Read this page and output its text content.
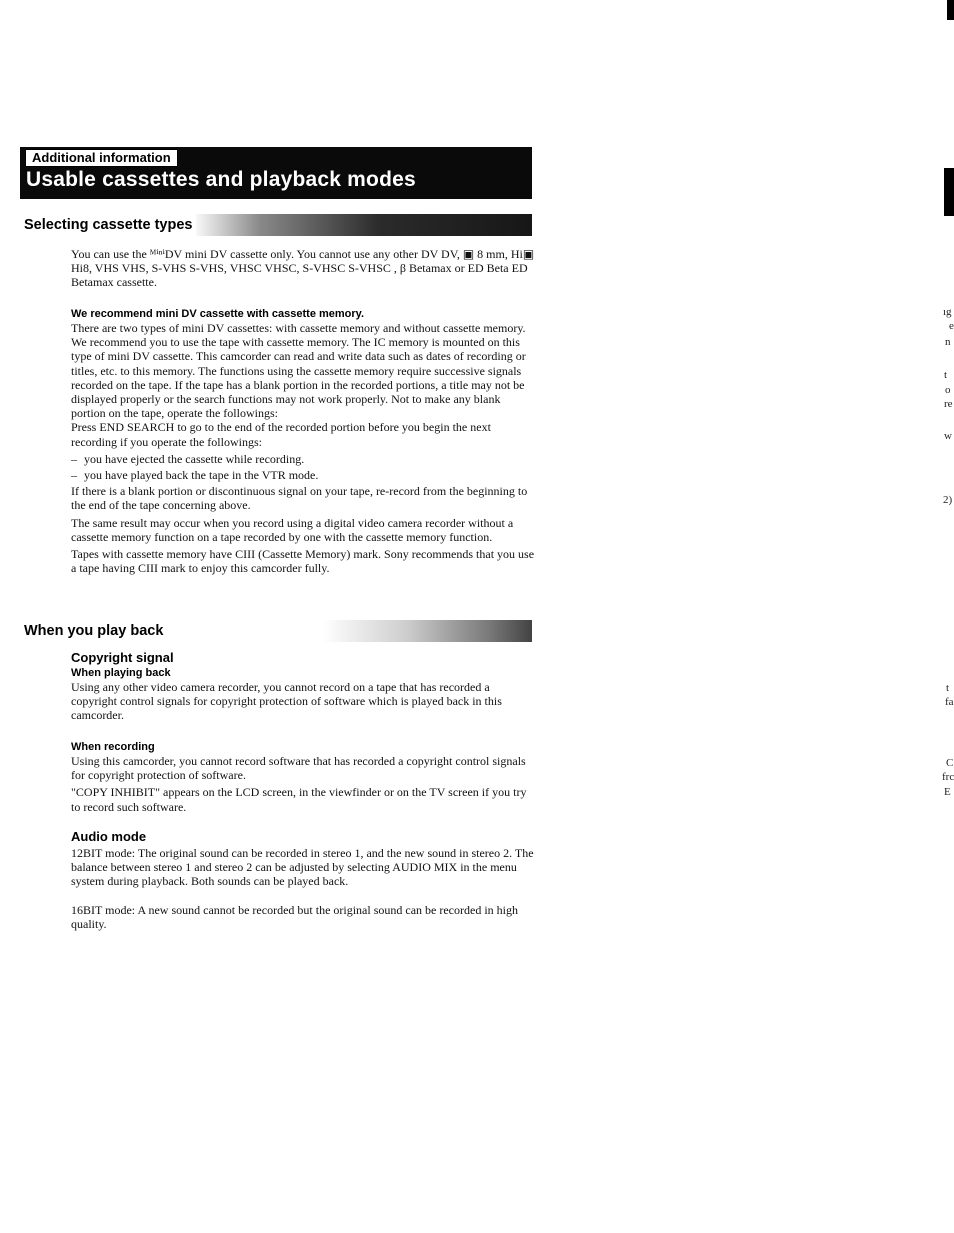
Additional information
Usable cassettes and playback modes
Selecting cassette types

You can use the ᴹⁱⁿⁱDV mini DV cassette only. You cannot use any other DV DV, ▣ 8 mm, Hi▣ Hi8, VHS VHS, S-VHS S-VHS, VHSC VHSC, S-VHSC S-VHSC , β Betamax or ED Beta ED Betamax cassette.

We recommend mini DV cassette with cassette memory.

There are two types of mini DV cassettes: with cassette memory and without cassette memory. We recommend you to use the tape with cassette memory. The IC memory is mounted on this type of mini DV cassette. This camcorder can read and write data such as dates of recording or titles, etc. to this memory. The functions using the cassette memory require successive signals recorded on the tape. If the tape has a blank portion in the recorded portions, a title may not be displayed properly or the search functions may not work properly. Not to make any blank portion on the tape, operate the followings:

Press END SEARCH to go to the end of the recorded portion before you begin the next recording if you operate the followings:

– you have ejected the cassette while recording.
– you have played back the tape in the VTR mode.

If there is a blank portion or discontinuous signal on your tape, re-record from the beginning to the end of the tape concerning above.

The same result may occur when you record using a digital video camera recorder without a cassette memory function on a tape recorded by one with the cassette memory function.

Tapes with cassette memory have CIII (Cassette Memory) mark. Sony recommends that you use a tape having CIII mark to enjoy this camcorder fully.

When you play back
Copyright signal
When playing back

Using any other video camera recorder, you cannot record on a tape that has recorded a copyright control signals for copyright protection of software which is played back in this camcorder.

When recording

Using this camcorder, you cannot record software that has recorded a copyright control signals for copyright protection of software.

"COPY INHIBIT" appears on the LCD screen, in the viewfinder or on the TV screen if you try to record such software.

Audio mode

12BIT mode: The original sound can be recorded in stereo 1, and the new sound in stereo 2. The balance between stereo 1 and stereo 2 can be adjusted by selecting AUDIO MIX in the menu system during playback. Both sounds can be played back.

16BIT mode: A new sound cannot be recorded but the original sound can be recorded in high quality.

ıg
e
n
t
o
re
w
2)
t
fa
C
frc
E
